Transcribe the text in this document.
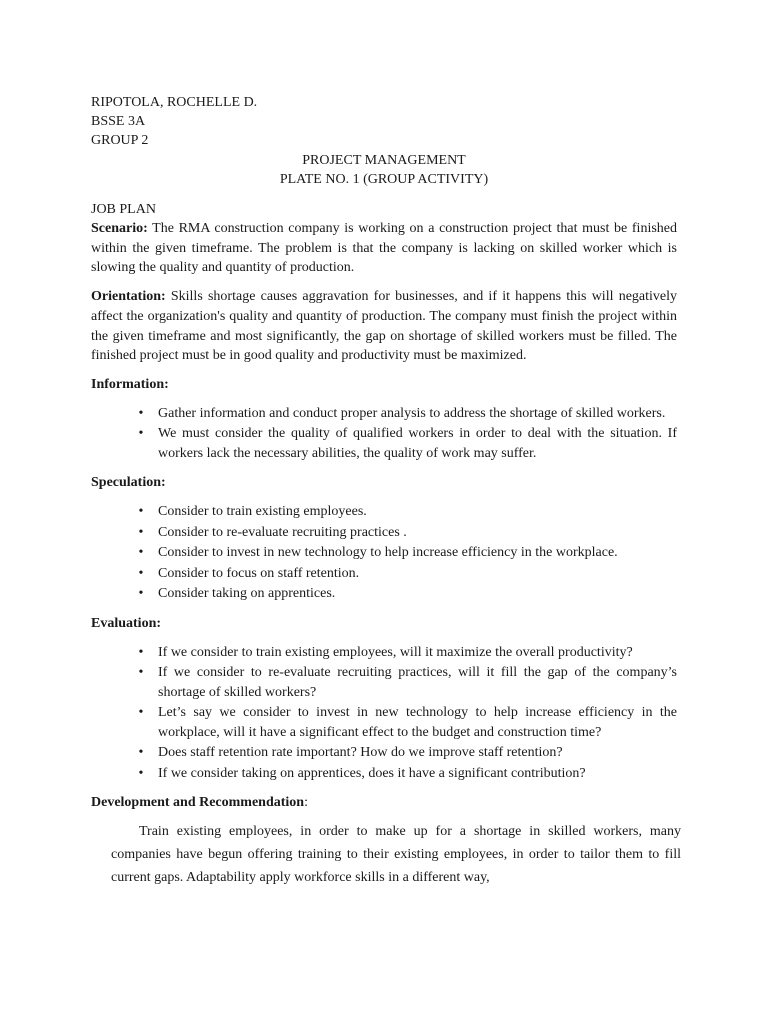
RIPOTOLA, ROCHELLE D.
BSSE 3A
GROUP 2
PROJECT MANAGEMENT
PLATE NO. 1 (GROUP ACTIVITY)
JOB PLAN

Scenario: The RMA construction company is working on a construction project that must be finished within the given timeframe. The problem is that the company is lacking on skilled worker which is slowing the quality and quantity of production.

Orientation: Skills shortage causes aggravation for businesses, and if it happens this will negatively affect the organization's quality and quantity of production. The company must finish the project within the given timeframe and most significantly, the gap on shortage of skilled workers must be filled. The finished project must be in good quality and productivity must be maximized.

Information:
• Gather information and conduct proper analysis to address the shortage of skilled workers.
• We must consider the quality of qualified workers in order to deal with the situation. If workers lack the necessary abilities, the quality of work may suffer.
Speculation:
• Consider to train existing employees.
• Consider to re-evaluate recruiting practices .
• Consider to invest in new technology to help increase efficiency in the workplace.
• Consider to focus on staff retention.
• Consider taking on apprentices.
Evaluation:
• If we consider to train existing employees, will it maximize the overall productivity?
• If we consider to re-evaluate recruiting practices, will it fill the gap of the company’s shortage of skilled workers?
• Let’s say we consider to invest in new technology to help increase efficiency in the workplace, will it have a significant effect to the budget and construction time?
• Does staff retention rate important? How do we improve staff retention?
• If we consider taking on apprentices, does it have a significant contribution?
Development and Recommendation:

Train existing employees, in order to make up for a shortage in skilled workers, many companies have begun offering training to their existing employees, in order to tailor them to fill current gaps. Adaptability apply workforce skills in a different way,
